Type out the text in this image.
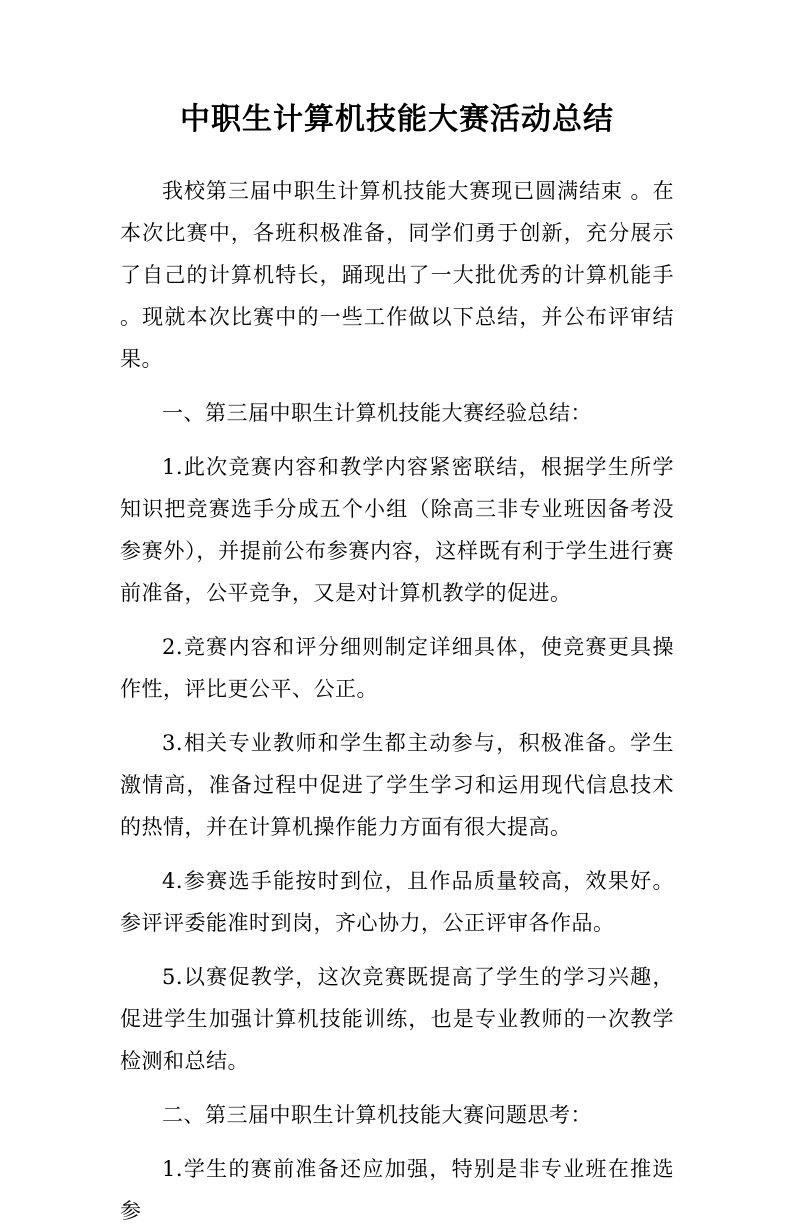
中职生计算机技能大赛活动总结

我校第三届中职生计算机技能大赛现已圆满结束 。在本次比赛中，各班积极准备，同学们勇于创新，充分展示了自己的计算机特长，踊现出了一大批优秀的计算机能手 。现就本次比赛中的一些工作做以下总结，并公布评审结果。

一、第三届中职生计算机技能大赛经验总结：

1.此次竞赛内容和教学内容紧密联结，根据学生所学知识把竞赛选手分成五个小组（除高三非专业班因备考没参赛外），并提前公布参赛内容，这样既有利于学生进行赛前准备，公平竞争，又是对计算机教学的促进。

2.竞赛内容和评分细则制定详细具体，使竞赛更具操作性，评比更公平、公正。

3.相关专业教师和学生都主动参与，积极准备。学生激情高，准备过程中促进了学生学习和运用现代信息技术的热情，并在计算机操作能力方面有很大提高。

4.参赛选手能按时到位，且作品质量较高，效果好。参评评委能准时到岗，齐心协力，公正评审各作品。

5.以赛促教学，这次竞赛既提高了学生的学习兴趣，促进学生加强计算机技能训练，也是专业教师的一次教学检测和总结。

二、第三届中职生计算机技能大赛问题思考：

1.学生的赛前准备还应加强，特别是非专业班在推选参
